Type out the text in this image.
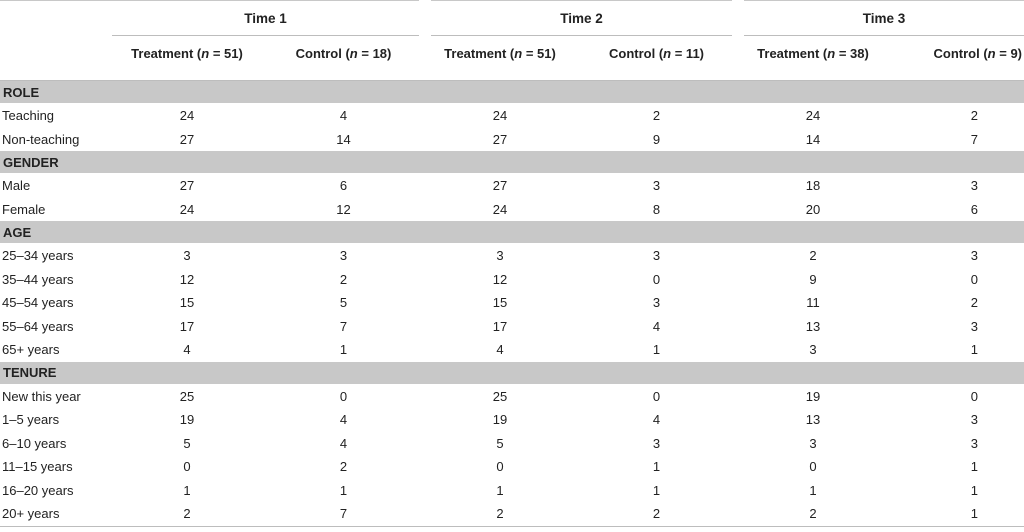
	Time 1		Time 2		Time 3	
	Treatment (n = 51)	Control (n = 18)	Treatment (n = 51)	Control (n = 11)	Treatment (n = 38)	Control (n = 9)

ROLE						
Teaching	24	4	24	2	24	2
Non-teaching	27	14	27	9	14	7
GENDER						
Male	27	6	27	3	18	3
Female	24	12	24	8	20	6
AGE						
25–34 years	3	3	3	3	2	3
35–44 years	12	2	12	0	9	0
45–54 years	15	5	15	3	11	2
55–64 years	17	7	17	4	13	3
65+ years	4	1	4	1	3	1
TENURE						
New this year	25	0	25	0	19	0
1–5 years	19	4	19	4	13	3
6–10 years	5	4	5	3	3	3
11–15 years	0	2	0	1	0	1
16–20 years	1	1	1	1	1	1
20+ years	2	7	2	2	2	1
